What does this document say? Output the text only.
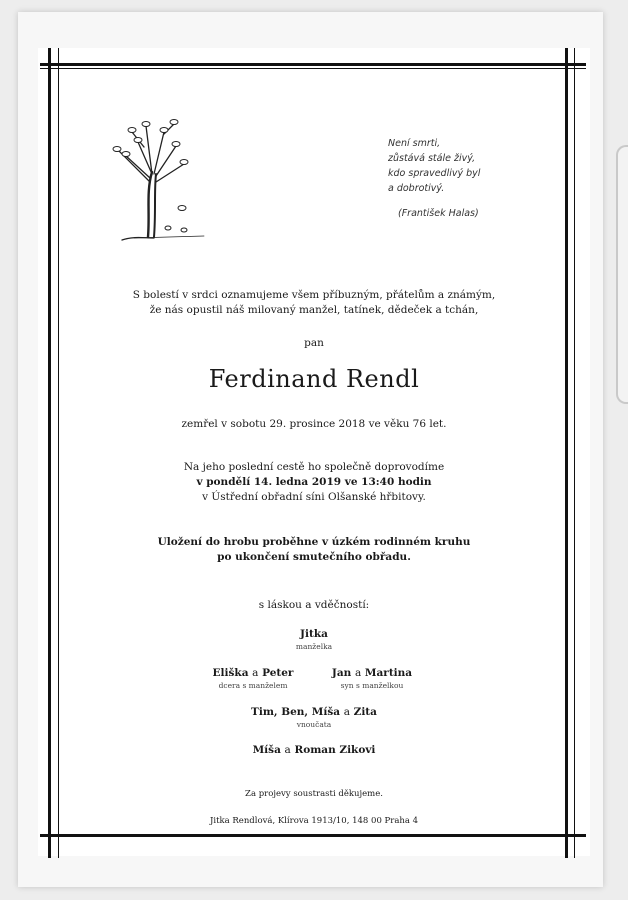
Není smrti,
zůstává stále živý,
kdo spravedlivý byl
a dobrotivý.
(František Halas)
S bolestí v srdci oznamujeme všem příbuzným, přátelům a známým,
že nás opustil náš milovaný manžel, tatínek, dědeček a tchán,
pan
Ferdinand Rendl
zemřel v sobotu 29. prosince 2018 ve věku 76 let.
Na jeho poslední cestě ho společně doprovodíme
v pondělí 14. ledna 2019 ve 13:40 hodin
v Ústřední obřadní síni Olšanské hřbitovy.
Uložení do hrobu proběhne v úzkém rodinném kruhu
po ukončení smutečního obřadu.
s láskou a vděčností:
Jitka
manželka
Eliška a Peter
dcera s manželem
Jan a Martina
syn s manželkou
Tim, Ben, Míša a Zita
vnoučata
Míša a Roman Zikovi
Za projevy soustrasti děkujeme.
Jitka Rendlová, Klírova 1913/10, 148 00 Praha 4
